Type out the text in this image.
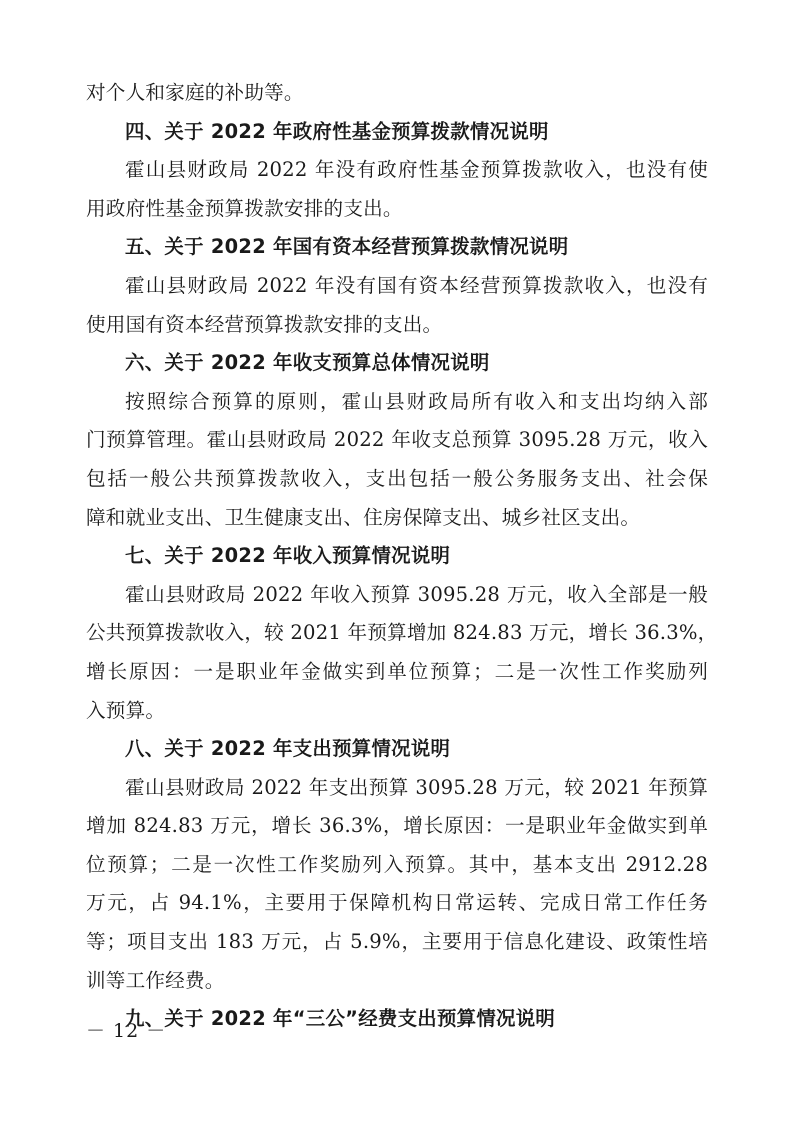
对个人和家庭的补助等。
四、关于 2022 年政府性基金预算拨款情况说明
霍山县财政局 2022 年没有政府性基金预算拨款收入，也没有使
用政府性基金预算拨款安排的支出。
五、关于 2022 年国有资本经营预算拨款情况说明
霍山县财政局 2022 年没有国有资本经营预算拨款收入，也没有
使用国有资本经营预算拨款安排的支出。
六、关于 2022 年收支预算总体情况说明
按照综合预算的原则，霍山县财政局所有收入和支出均纳入部
门预算管理。霍山县财政局 2022 年收支总预算 3095.28 万元，收入
包括一般公共预算拨款收入，支出包括一般公务服务支出、社会保
障和就业支出、卫生健康支出、住房保障支出、城乡社区支出。
七、关于 2022 年收入预算情况说明
霍山县财政局 2022 年收入预算 3095.28 万元，收入全部是一般
公共预算拨款收入，较 2021 年预算增加 824.83 万元，增长 36.3%，
增长原因：一是职业年金做实到单位预算；二是一次性工作奖励列
入预算。
八、关于 2022 年支出预算情况说明
霍山县财政局 2022 年支出预算 3095.28 万元，较 2021 年预算
增加 824.83 万元，增长 36.3%，增长原因：一是职业年金做实到单
位预算；二是一次性工作奖励列入预算。其中，基本支出 2912.28
万元，占 94.1%，主要用于保障机构日常运转、完成日常工作任务
等；项目支出 183 万元，占 5.9%，主要用于信息化建设、政策性培
训等工作经费。
九、关于 2022 年“三公”经费支出预算情况说明
－ 12 －
